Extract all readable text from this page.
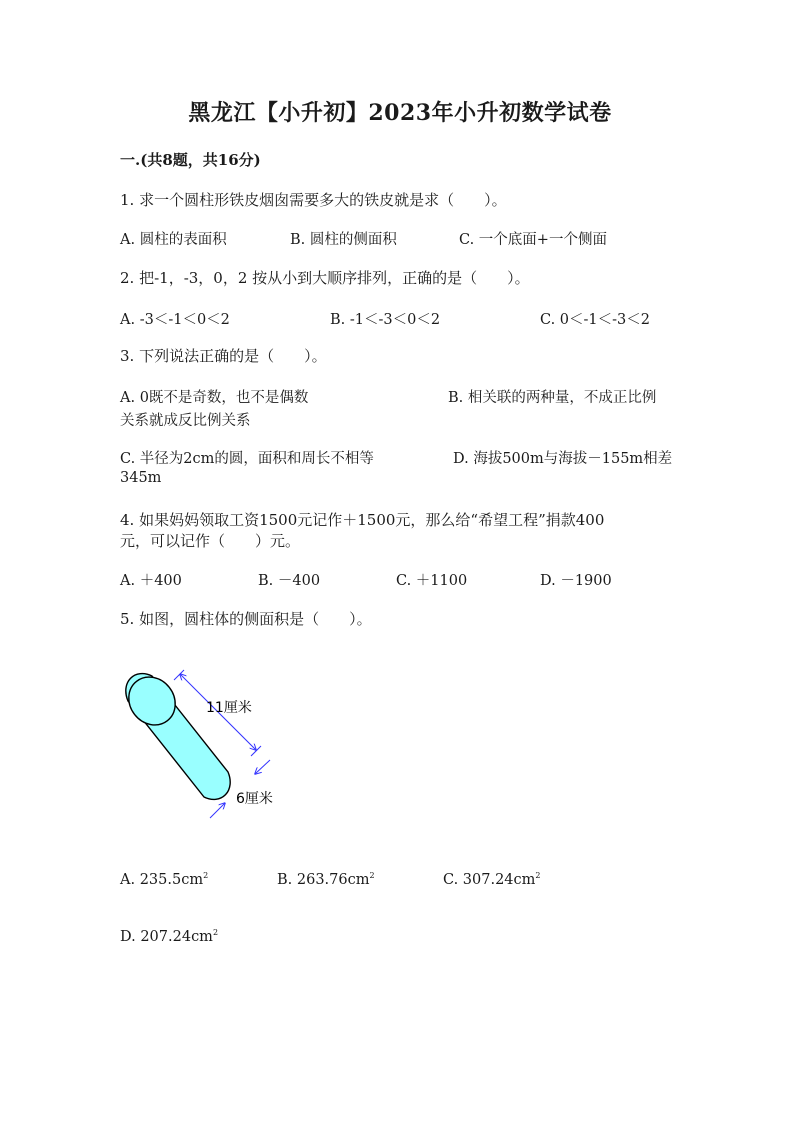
黑龙江【小升初】2023年小升初数学试卷
一.(共8题，共16分)
1. 求一个圆柱形铁皮烟囱需要多大的铁皮就是求（　　）。
A. 圆柱的表面积	B. 圆柱的侧面积	C. 一个底面+一个侧面
2. 把-1，-3，0，2 按从小到大顺序排列，正确的是（　　）。
A. -3＜-1＜0＜2	B. -1＜-3＜0＜2	C. 0＜-1＜-3＜2
3. 下列说法正确的是（　　）。
A. 0既不是奇数，也不是偶数	B. 相关联的两种量，不成正比例
关系就成反比例关系
C. 半径为2cm的圆，面积和周长不相等	D. 海拔500m与海拔－155m相差
345m
4. 如果妈妈领取工资1500元记作＋1500元，那么给“希望工程”捐款400
元，可以记作（　　）元。
A. ＋400	B. －400	C. ＋1100	D. －1900
5. 如图，圆柱体的侧面积是（　　）。
11厘米
6厘米
A. $235.5cm^2$	B. $263.76cm^2$	C. $307.24cm^2$
D. $207.24cm^2$
